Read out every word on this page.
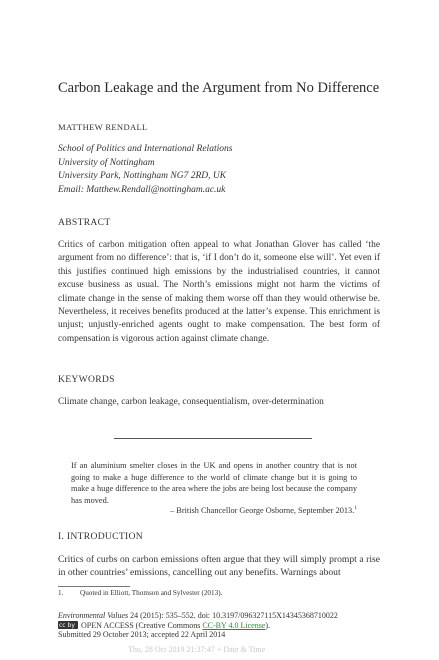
Carbon Leakage and the Argument from No Difference
MATTHEW RENDALL
School of Politics and International Relations
University of Nottingham
University Park, Nottingham NG7 2RD, UK
Email: Matthew.Rendall@nottingham.ac.uk
ABSTRACT
Critics of carbon mitigation often appeal to what Jonathan Glover has called ‘the argument from no difference’: that is, ‘if I don’t do it, someone else will’. Yet even if this justifies continued high emissions by the industrialised countries, it cannot excuse business as usual. The North’s emissions might not harm the victims of climate change in the sense of making them worse off than they would otherwise be. Nevertheless, it receives benefits produced at the latter’s expense. This enrichment is unjust; unjustly-enriched agents ought to make compensation. The best form of compensation is vigorous action against climate change.
KEYWORDS
Climate change, carbon leakage, consequentialism, over-determination
If an aluminium smelter closes in the UK and opens in another country that is not going to make a huge difference to the world of climate change but it is going to make a huge difference to the area where the jobs are being lost because the company has moved.
– British Chancellor George Osborne, September 2013.$^1$
I. INTRODUCTION
Critics of curbs on carbon emissions often argue that they will simply prompt a rise in other countries’ emissions, cancelling out any benefits. Warnings about
1. Quoted in Elliott, Thomson and Sylvester (2013).
Environmental Values 24 (2015): 535–552. doi: 10.3197/096327115X14345368710022
cc by OPEN ACCESS (Creative Commons CC-BY 4.0 License).
Submitted 29 October 2013; accepted 22 April 2014
Thu, 28 Oct 2019 21:37:47 + Date & Time
